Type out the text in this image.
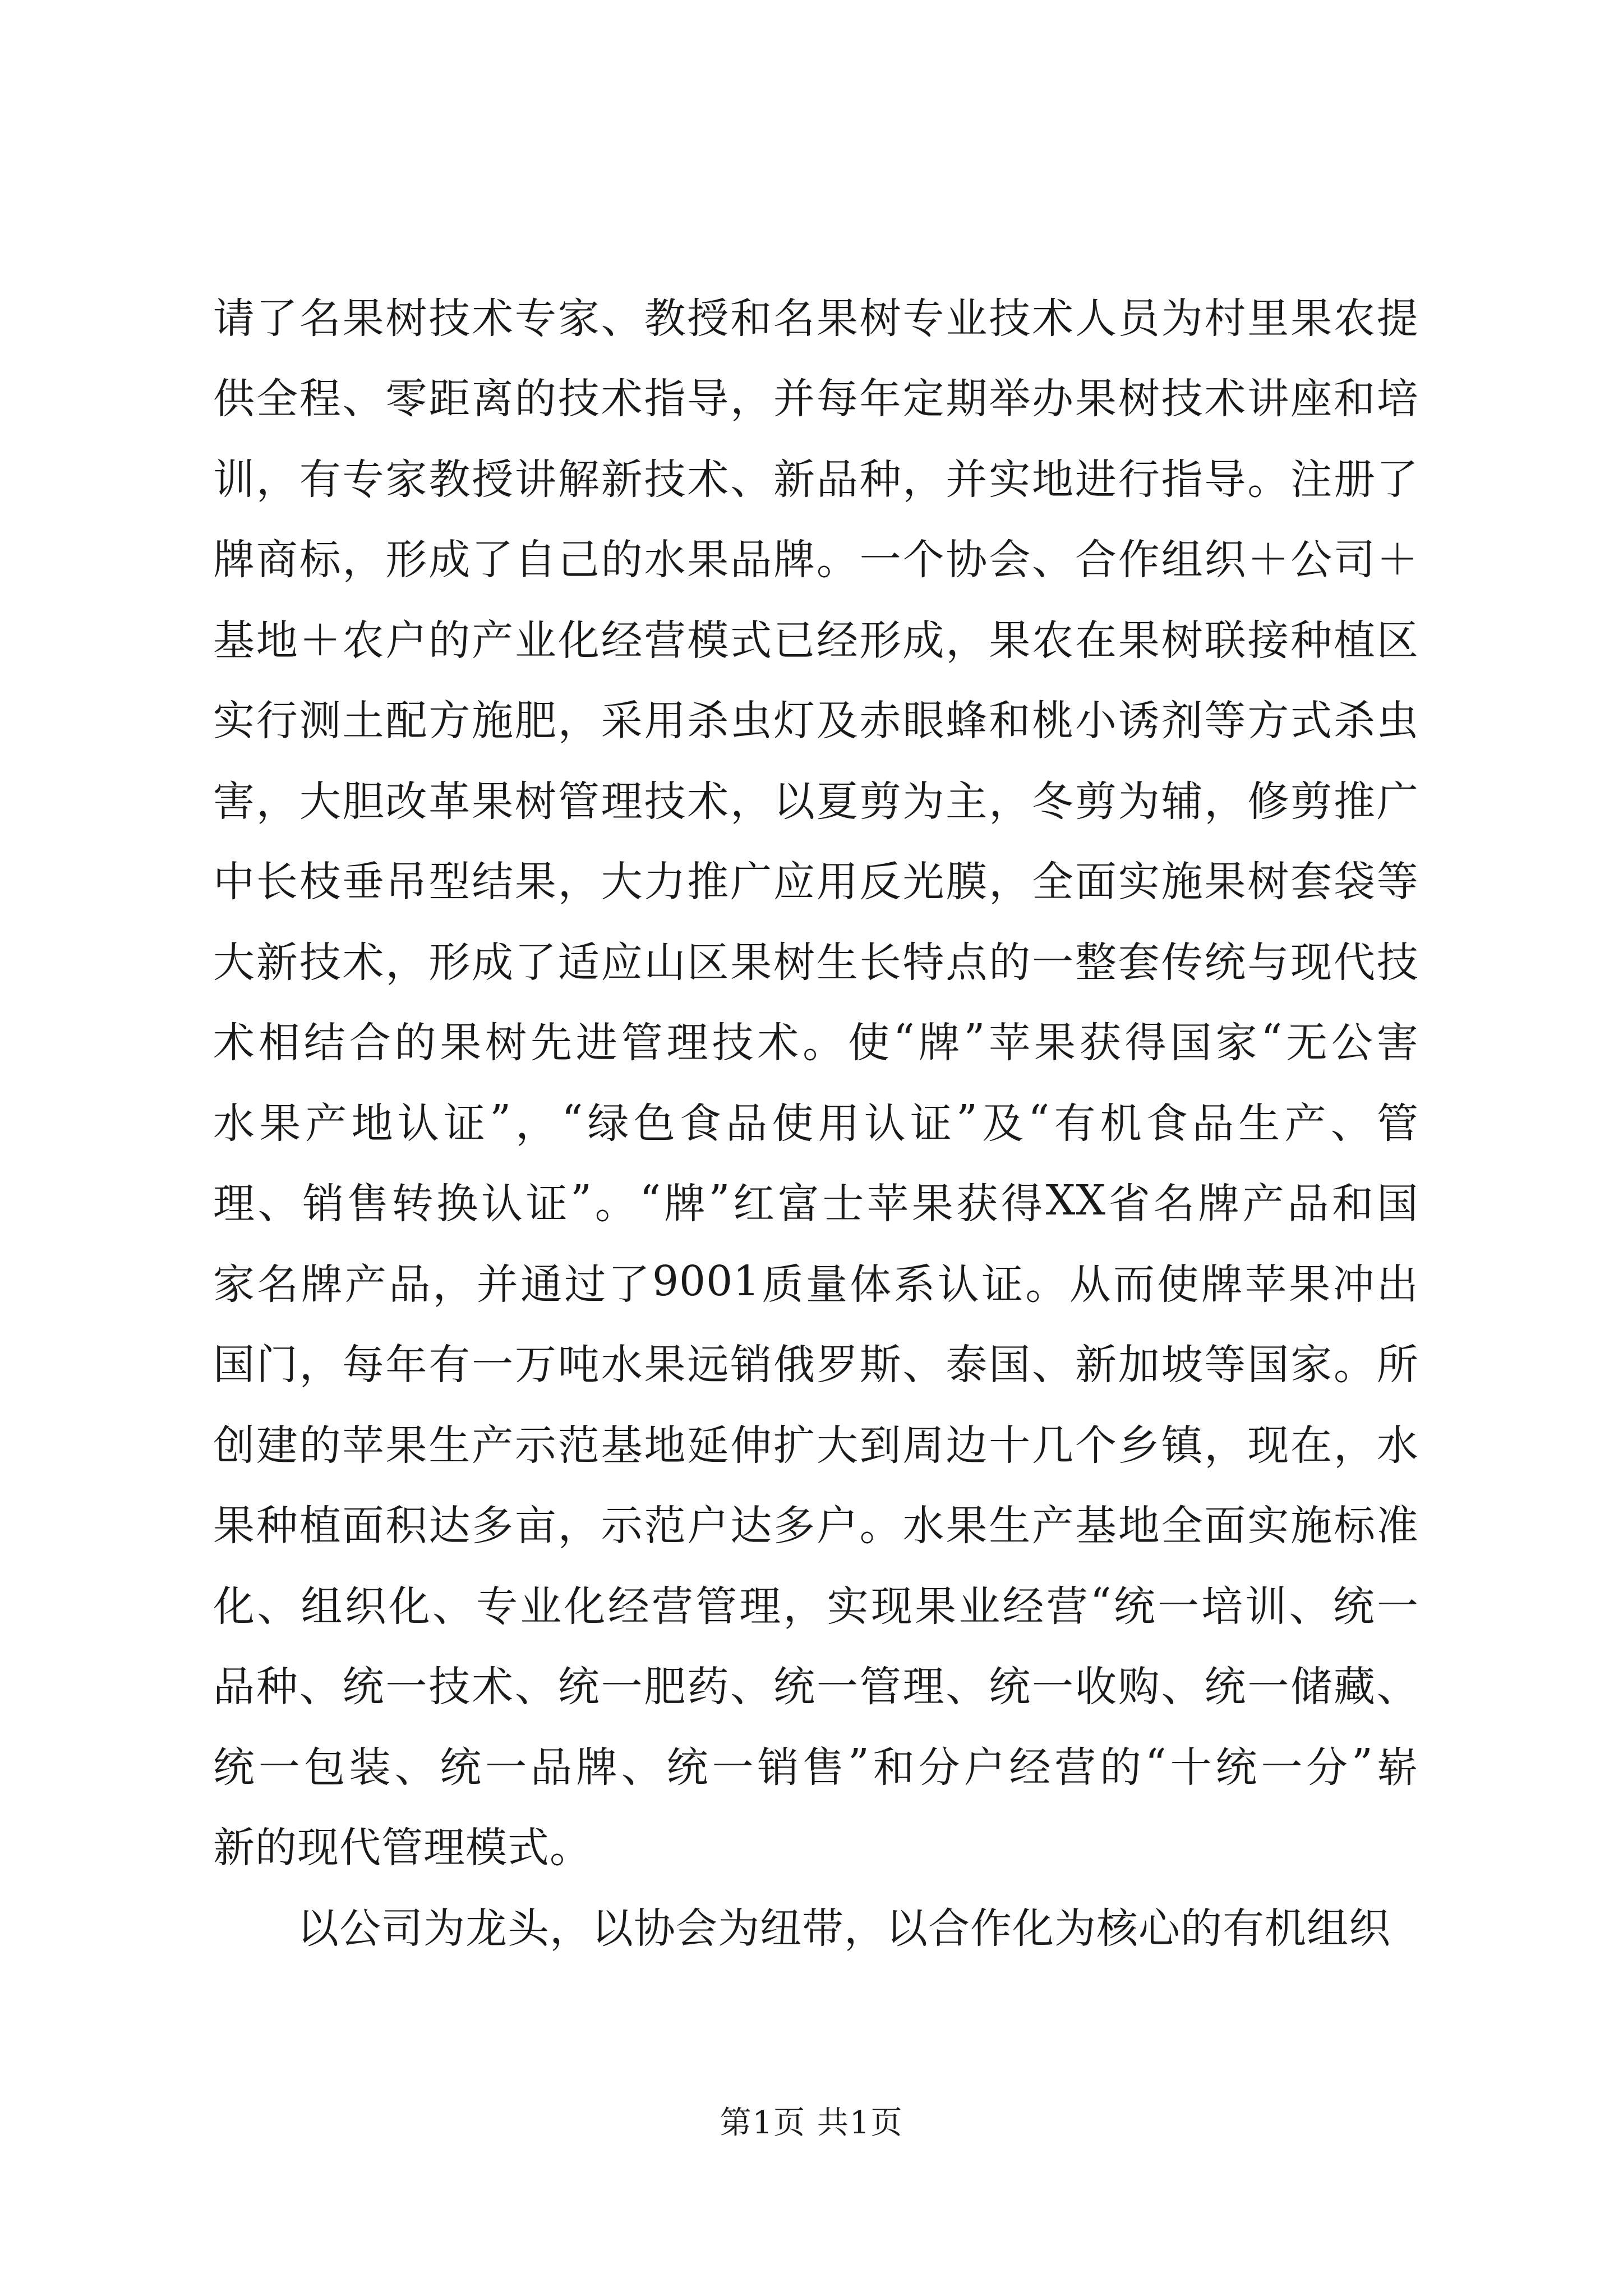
请 了 名 果 树 技 术 专 家 、 教 授 和 名 果 树 专 业 技 术 人 员 为 村 里 果 农 提
供 全 程 、 零 距 离 的 技 术 指 导 ， 并 每 年 定 期 举 办 果 树 技 术 讲 座 和 培
训 ， 有 专 家 教 授 讲 解 新 技 术 、 新 品 种 ， 并 实 地 进 行 指 导 。 注 册 了
牌 商 标 ， 形 成 了 自 己 的 水 果 品 牌 。 一 个 协 会 、 合 作 组 织 ＋ 公 司 ＋
基 地 ＋ 农 户 的 产 业 化 经 营 模 式 已 经 形 成 ， 果 农 在 果 树 联 接 种 植 区
实 行 测 土 配 方 施 肥 ， 采 用 杀 虫 灯 及 赤 眼 蜂 和 桃 小 诱 剂 等 方 式 杀 虫
害 ， 大 胆 改 革 果 树 管 理 技 术 ， 以 夏 剪 为 主 ， 冬 剪 为 辅 ， 修 剪 推 广
中 长 枝 垂 吊 型 结 果 ， 大 力 推 广 应 用 反 光 膜 ， 全 面 实 施 果 树 套 袋 等
大 新 技 术 ， 形 成 了 适 应 山 区 果 树 生 长 特 点 的 一 整 套 传 统 与 现 代 技
术 相 结 合 的 果 树 先 进 管 理 技 术 。 使 “ 牌 ” 苹 果 获 得 国 家 “ 无 公 害
水 果 产 地 认 证 ” ， “ 绿 色 食 品 使 用 认 证 ” 及 “ 有 机 食 品 生 产 、 管
理 、 销 售 转 换 认 证 ” 。 “ 牌 ” 红 富 士 苹 果 获 得 XX 省 名 牌 产 品 和 国
家 名 牌 产 品 ， 并 通 过 了 9001 质 量 体 系 认 证 。 从 而 使 牌 苹 果 冲 出
国 门 ， 每 年 有 一 万 吨 水 果 远 销 俄 罗 斯 、 泰 国 、 新 加 坡 等 国 家 。 所
创 建 的 苹 果 生 产 示 范 基 地 延 伸 扩 大 到 周 边 十 几 个 乡 镇 ， 现 在 ， 水
果 种 植 面 积 达 多 亩 ， 示 范 户 达 多 户 。 水 果 生 产 基 地 全 面 实 施 标 准
化 、 组 织 化 、 专 业 化 经 营 管 理 ， 实 现 果 业 经 营 “ 统 一 培 训 、 统 一
品 种 、 统 一 技 术 、 统 一 肥 药 、 统 一 管 理 、 统 一 收 购 、 统 一 储 藏 、
统 一 包 装 、 统 一 品 牌 、 统 一 销 售 ” 和 分 户 经 营 的 “ 十 统 一 分 ” 崭
新的现代管理模式。
以公司为龙头，以协会为纽带，以合作化为核心的有机组织
第1页 共1页
